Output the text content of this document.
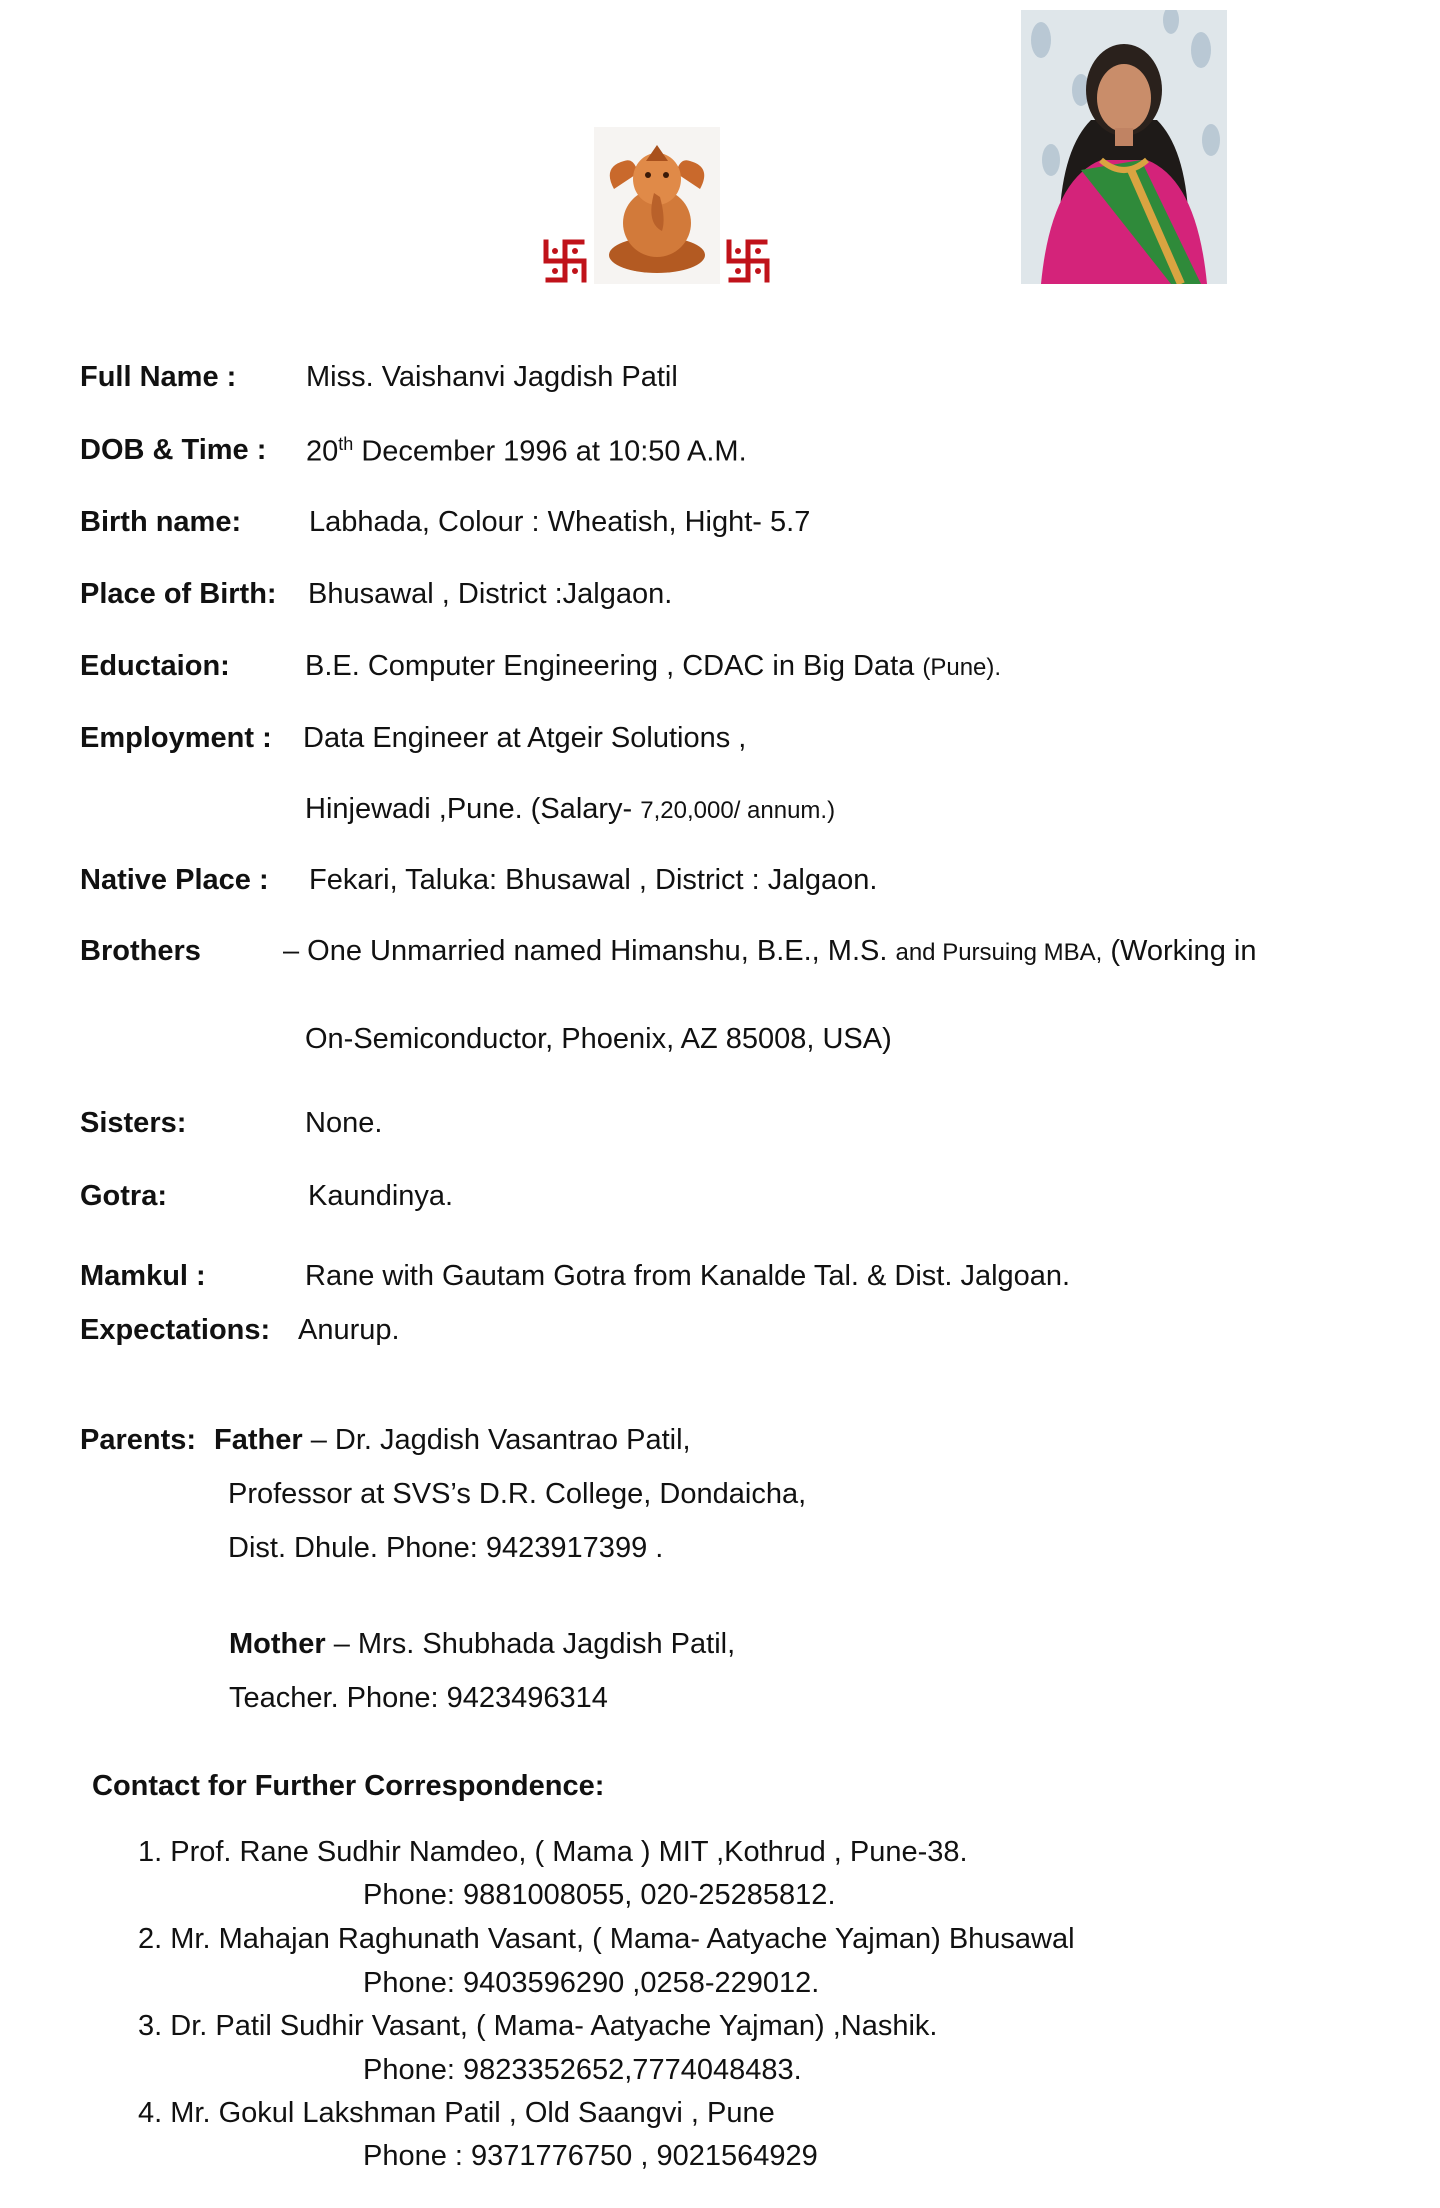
Full Name : Miss. Vaishanvi Jagdish Patil
DOB & Time : 20th December 1996 at 10:50 A.M.
Birth name: Labhada, Colour : Wheatish, Hight- 5.7
Place of Birth: Bhusawal , District :Jalgaon.
Eductaion:	B.E. Computer Engineering , CDAC in Big Data (Pune).
Employment : Data Engineer at Atgeir Solutions ,
Hinjewadi ,Pune. (Salary- 7,20,000/ annum.)
Native Place : Fekari, Taluka: Bhusawal , District : Jalgaon.
Brothers	– One Unmarried named Himanshu, B.E., M.S. and Pursuing MBA, (Working in
On-Semiconductor, Phoenix, AZ 85008, USA)
Sisters:	None.
Gotra:	Kaundinya.
Mamkul :	Rane with Gautam Gotra from Kanalde Tal. & Dist. Jalgoan.
Expectations: Anurup.
Parents: Father – Dr. Jagdish Vasantrao Patil,
Professor at SVS’s D.R. College, Dondaicha,
Dist. Dhule. Phone: 9423917399 .
Mother – Mrs. Shubhada Jagdish Patil,
Teacher. Phone: 9423496314
Contact for Further Correspondence:
1. Prof. Rane Sudhir Namdeo, ( Mama ) MIT ,Kothrud , Pune-38.
Phone: 9881008055, 020-25285812.
2. Mr. Mahajan Raghunath Vasant, ( Mama- Aatyache Yajman) Bhusawal
Phone: 9403596290 ,0258-229012.
3. Dr. Patil Sudhir Vasant, ( Mama- Aatyache Yajman) ,Nashik.
Phone: 9823352652,7774048483.
4. Mr. Gokul Lakshman Patil , Old Saangvi , Pune
Phone : 9371776750 , 9021564929
